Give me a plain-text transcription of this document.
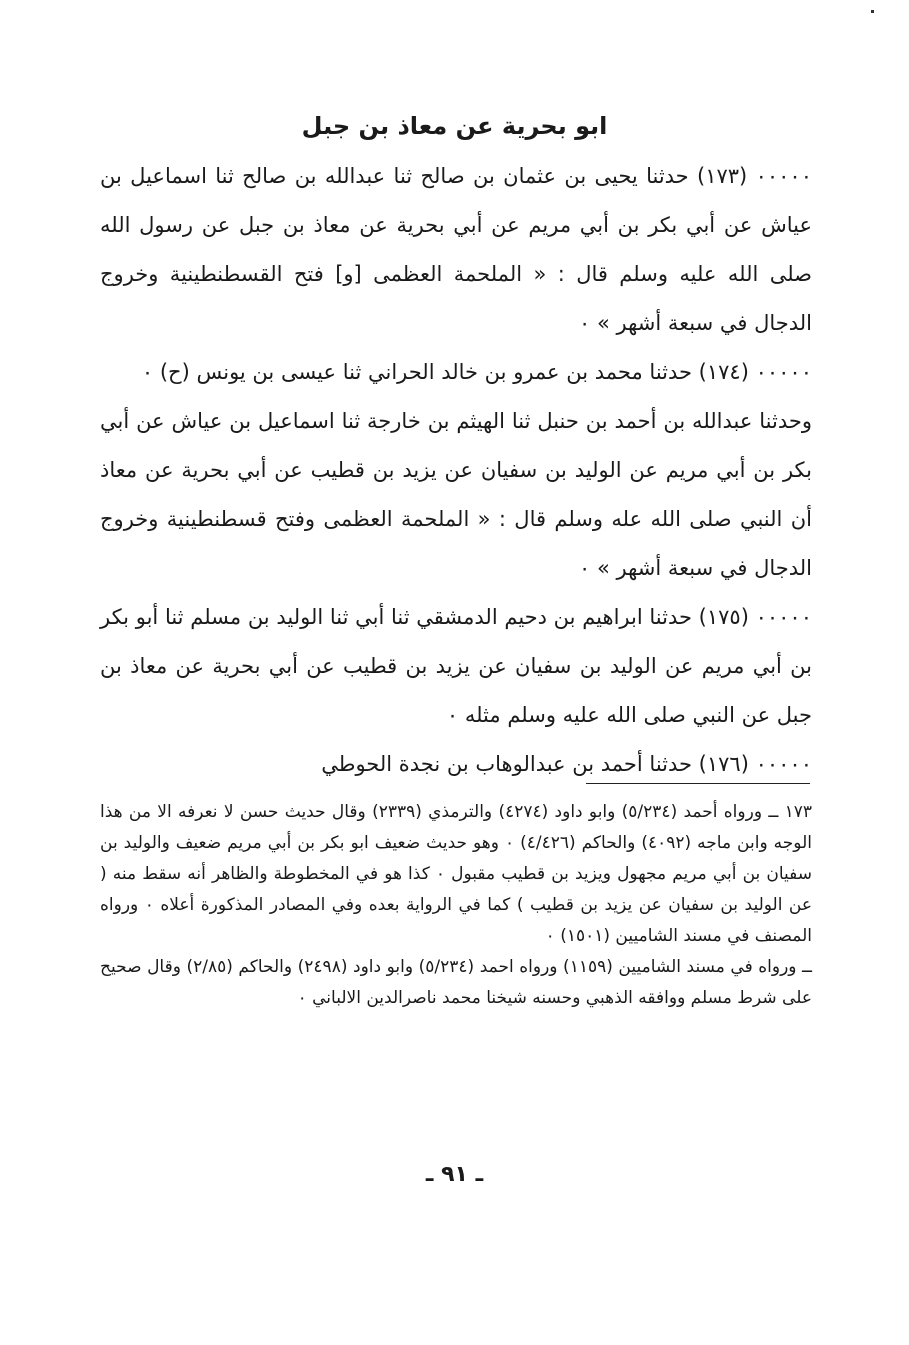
ابو بحرية عن معاذ بن جبل

٠٠٠٠٠ (١٧٣) حدثنا يحيى بن عثمان بن صالح ثنا عبدالله بن صالح ثنا اسماعيل بن عياش عن أبي بكر بن أبي مريم عن أبي بحرية عن معاذ بن جبل عن رسول الله صلى الله عليه وسلم قال : « الملحمة العظمى [و] فتح القسطنطينية وخروج الدجال في سبعة أشهر » ٠

٠٠٠٠٠ (١٧٤) حدثنا محمد بن عمرو بن خالد الحراني ثنا عيسى بن يونس (ح) ٠

وحدثنا عبدالله بن أحمد بن حنبل ثنا الهيثم بن خارجة ثنا اسماعيل بن عياش عن أبي بكر بن أبي مريم عن الوليد بن سفيان عن يزيد بن قطيب عن أبي بحرية عن معاذ أن النبي صلى الله عله وسلم قال : « الملحمة العظمى وفتح قسطنطينية وخروج الدجال في سبعة أشهر » ٠

٠٠٠٠٠ (١٧٥) حدثنا ابراهيم بن دحيم الدمشقي ثنا أبي ثنا الوليد بن مسلم ثنا أبو بكر بن أبي مريم عن الوليد بن سفيان عن يزيد بن قطيب عن أبي بحرية عن معاذ بن جبل عن النبي صلى الله عليه وسلم مثله ٠

٠٠٠٠٠ (١٧٦) حدثنا أحمد بن عبدالوهاب بن نجدة الحوطي

١٧٣ ــ ورواه أحمد (٥/٢٣٤) وابو داود (٤٢٧٤) والترمذي (٢٣٣٩) وقال حديث حسن لا نعرفه الا من هذا الوجه وابن ماجه (٤٠٩٢) والحاكم (٤/٤٢٦) ٠ وهو حديث ضعيف ابو بكر بن أبي مريم ضعيف والوليد بن سفيان بن أبي مريم مجهول ويزيد بن قطيب مقبول ٠ كذا هو في المخطوطة والظاهر أنه سقط منه ( عن الوليد بن سفيان عن يزيد بن قطيب ) كما في الرواية بعده وفي المصادر المذكورة أعلاه ٠ ورواه المصنف في مسند الشاميين (١٥٠١) ٠

ــ ورواه في مسند الشاميين (١١٥٩) ورواه احمد (٥/٢٣٤) وابو داود (٢٤٩٨) والحاكم (٢/٨٥) وقال صحيح على شرط مسلم ووافقه الذهبي وحسنه شيخنا محمد ناصرالدين الالباني ٠

ـ ٩١ ـ
